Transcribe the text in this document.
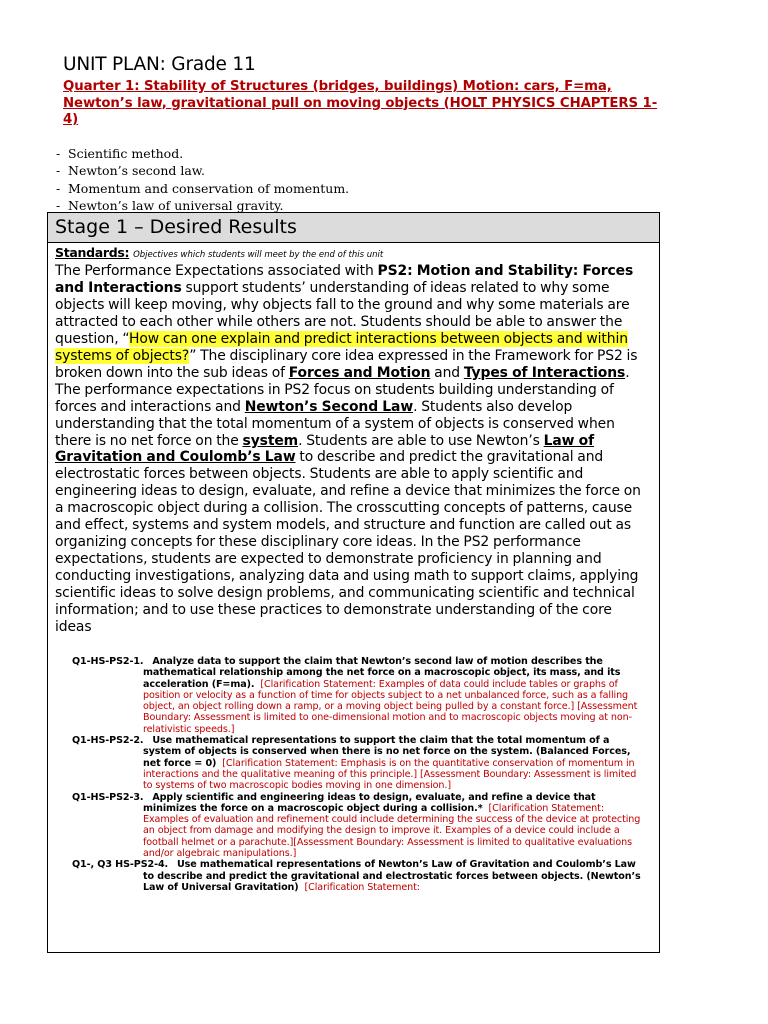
UNIT PLAN: Grade 11
Quarter 1: Stability of Structures (bridges, buildings) Motion: cars, F=ma, Newton’s law, gravitational pull on moving objects (HOLT PHYSICS CHAPTERS 1-4)
- Scientific method.
- Newton’s second law.
- Momentum and conservation of momentum.
- Newton’s law of universal gravity.
Stage 1 – Desired Results
Standards: Objectives which students will meet by the end of this unit

The Performance Expectations associated with PS2: Motion and Stability: Forces and Interactions support students’ understanding of ideas related to why some objects will keep moving, why objects fall to the ground and why some materials are attracted to each other while others are not. Students should be able to answer the question, “How can one explain and predict interactions between objects and within systems of objects?” The disciplinary core idea expressed in the Framework for PS2 is broken down into the sub ideas of Forces and Motion and Types of Interactions. The performance expectations in PS2 focus on students building understanding of forces and interactions and Newton’s Second Law. Students also develop understanding that the total momentum of a system of objects is conserved when there is no net force on the system. Students are able to use Newton’s Law of Gravitation and Coulomb’s Law to describe and predict the gravitational and electrostatic forces between objects. Students are able to apply scientific and engineering ideas to design, evaluate, and refine a device that minimizes the force on a macroscopic object during a collision. The crosscutting concepts of patterns, cause and effect, systems and system models, and structure and function are called out as organizing concepts for these disciplinary core ideas. In the PS2 performance expectations, students are expected to demonstrate proficiency in planning and conducting investigations, analyzing data and using math to support claims, applying scientific ideas to solve design problems, and communicating scientific and technical information; and to use these practices to demonstrate understanding of the core ideas

Q1-HS-PS2-1. Analyze data to support the claim that Newton’s second law of motion describes the mathematical relationship among the net force on a macroscopic object, its mass, and its acceleration (F=ma). [Clarification Statement: Examples of data could include tables or graphs of position or velocity as a function of time for objects subject to a net unbalanced force, such as a falling object, an object rolling down a ramp, or a moving object being pulled by a constant force.] [Assessment Boundary: Assessment is limited to one-dimensional motion and to macroscopic objects moving at non-relativistic speeds.]
Q1-HS-PS2-2. Use mathematical representations to support the claim that the total momentum of a system of objects is conserved when there is no net force on the system. (Balanced Forces, net force = 0) [Clarification Statement: Emphasis is on the quantitative conservation of momentum in interactions and the qualitative meaning of this principle.] [Assessment Boundary: Assessment is limited to systems of two macroscopic bodies moving in one dimension.]
Q1-HS-PS2-3. Apply scientific and engineering ideas to design, evaluate, and refine a device that minimizes the force on a macroscopic object during a collision.* [Clarification Statement: Examples of evaluation and refinement could include determining the success of the device at protecting an object from damage and modifying the design to improve it. Examples of a device could include a football helmet or a parachute.][Assessment Boundary: Assessment is limited to qualitative evaluations and/or algebraic manipulations.]
Q1-, Q3 HS-PS2-4. Use mathematical representations of Newton’s Law of Gravitation and Coulomb’s Law to describe and predict the gravitational and electrostatic forces between objects. (Newton’s Law of Universal Gravitation) [Clarification Statement:
